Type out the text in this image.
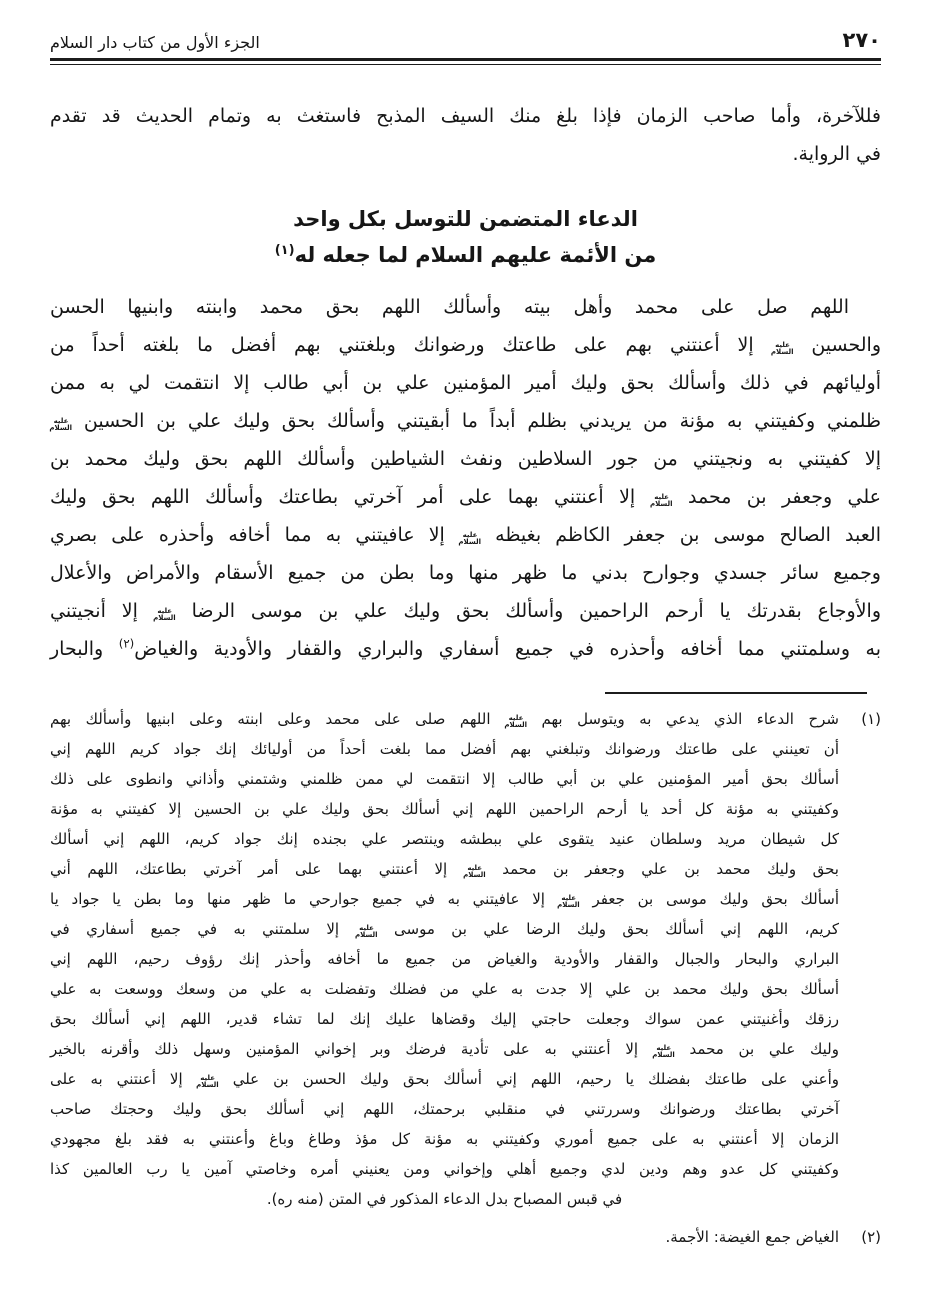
٢٧٠
الجزء الأول من كتاب دار السلام
فللآخرة، وأما صاحب الزمان فإذا بلغ منك السيف المذبح فاستغث به وتمام الحديث قد تقدم
في الرواية.
الدعاء المتضمن للتوسل بكل واحد
من الأئمة عليهم السلام لما جعله له$^{(١)}$
اللهم صل على محمد وأهل بيته وأسألك اللهم بحق محمد وابنته وابنيها الحسن
والحسين عليه السلام إلا أعنتني بهم على طاعتك ورضوانك وبلغتني بهم أفضل ما بلغته أحداً من
أوليائهم في ذلك وأسألك بحق وليك أمير المؤمنين علي بن أبي طالب إلا انتقمت لي به ممن
ظلمني وكفيتني به مؤنة من يريدني بظلم أبداً ما أبقيتني وأسألك بحق وليك علي بن الحسين عليه السلام
إلا كفيتني به ونجيتني من جور السلاطين ونفث الشياطين وأسألك اللهم بحق وليك محمد بن
علي وجعفر بن محمد عليه السلام إلا أعنتني بهما على أمر آخرتي بطاعتك وأسألك اللهم بحق وليك
العبد الصالح موسى بن جعفر الكاظم بغيظه عليه السلام إلا عافيتني به مما أخافه وأحذره على بصري
وجميع سائر جسدي وجوارح بدني ما ظهر منها وما بطن من جميع الأسقام والأمراض والأعلال
والأوجاع بقدرتك يا أرحم الراحمين وأسألك بحق وليك علي بن موسى الرضا عليه السلام إلا أنجيتني
به وسلمتني مما أخافه وأحذره في جميع أسفاري والبراري والقفار والأودية والغياض$^{(٢)}$ والبحار
(١)
شرح الدعاء الذي يدعي به ويتوسل بهم عليه السلام اللهم صلى على محمد وعلى ابنته وعلى ابنيها وأسألك بهم
أن تعينني على طاعتك ورضوانك وتبلغني بهم أفضل مما بلغت أحداً من أوليائك إنك جواد كريم اللهم إني
أسألك بحق أمير المؤمنين علي بن أبي طالب إلا انتقمت لي ممن ظلمني وشتمني وأذاني وانطوى على ذلك
وكفيتني به مؤنة كل أحد يا أرحم الراحمين اللهم إني أسألك بحق وليك علي بن الحسين إلا كفيتني به مؤنة
كل شيطان مريد وسلطان عنيد يتقوى علي ببطشه وينتصر علي بجنده إنك جواد كريم، اللهم إني أسألك
بحق وليك محمد بن علي وجعفر بن محمد عليه السلام إلا أعنتني بهما على أمر آخرتي بطاعتك، اللهم أني
أسألك بحق وليك موسى بن جعفر عليه السلام إلا عافيتني به في جميع جوارحي ما ظهر منها وما بطن يا جواد يا
كريم، اللهم إني أسألك بحق وليك الرضا علي بن موسى عليه السلام إلا سلمتني به في جميع أسفاري في
البراري والبحار والجبال والقفار والأودية والغياض من جميع ما أخافه وأحذر إنك رؤوف رحيم، اللهم إني
أسألك بحق وليك محمد بن علي إلا جدت به علي من فضلك وتفضلت به علي من وسعك ووسعت به علي
رزقك وأغنيتني عمن سواك وجعلت حاجتي إليك وقضاها عليك إنك لما تشاء قدير، اللهم إني أسألك بحق
وليك علي بن محمد عليه السلام إلا أعنتني به على تأدية فرضك وبر إخواني المؤمنين وسهل ذلك وأقرنه بالخير
وأعني على طاعتك بفضلك يا رحيم، اللهم إني أسألك بحق وليك الحسن بن علي عليه السلام إلا أعنتني به على
آخرتي بطاعتك ورضوانك وسررتني في منقلبي برحمتك، اللهم إني أسألك بحق وليك وحجتك صاحب
الزمان إلا أعنتني به على جميع أموري وكفيتني به مؤنة كل مؤذ وطاغ وباغ وأعنتني به فقد بلغ مجهودي
وكفيتني كل عدو وهم ودين لدي وجميع أهلي وإخواني ومن يعنيني أمره وخاصتي آمين يا رب العالمين كذا
في قبس المصباح بدل الدعاء المذكور في المتن (منه ره).
(٢)
الغياض جمع الغيضة: الأجمة.
